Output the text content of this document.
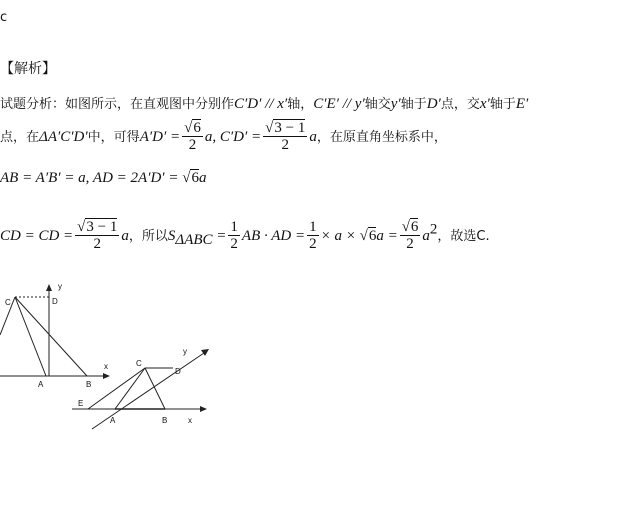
c
【解析】
试题分析：如图所示，在直观图中分别作C′D′ // x′轴，C′E′ // y′轴交y′轴于D′点，交x′轴于E′
点，在ΔA′C′D′中，可得$A'D' = \frac{√6}{2} a$, $C'D' = \frac{√3 - 1}{2}$ a，在原直角坐标系中，
AB = A′B′ = a, AD = 2A′D′ = √6a
CD = CD = $\frac{√3 - 1}{2}$ a，所以$S_{\Delta ABC} = \frac{1}{2}$ AB · AD = $\frac{1}{2} \times a \times √6a = \frac{√6}{2} a^2$，故选C.
y
x
C	D
A	B
y
x
C
D
E
A	B
